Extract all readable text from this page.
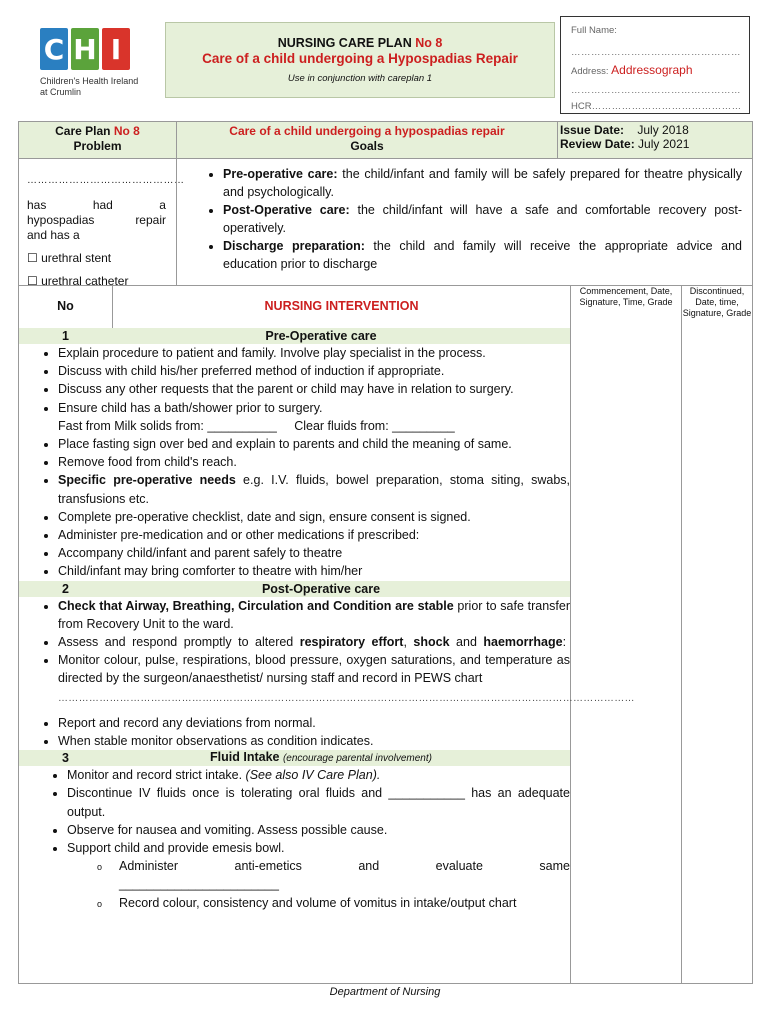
C H I
Children's Health Ireland
at Crumlin
NURSING CARE PLAN No 8
Care of a child undergoing a Hypospadias Repair
Use in conjunction with careplan 1
Full Name:
……………………………………………
Address: Addressograph
……………………………………………
HCR………………………………………
Care Plan No 8
Problem
Care of a child undergoing a hypospadias repair
Goals
Issue Date: July 2018
Review Date: July 2021
………………………………………
has	had	a
hypospadias	repair
and has a
☐ urethral stent
☐ urethral catheter
• Pre-operative care: the child/infant and family will be safely prepared for theatre physically and psychologically.
• Post-Operative care: the child/infant will have a safe and comfortable recovery post-operatively.
• Discharge preparation: the child and family will receive the appropriate advice and education prior to discharge
No	NURSING INTERVENTION
Commencement, Date, Signature, Time, Grade
Discontinued, Date, time, Signature, Grade
1	Pre-Operative care
• Explain procedure to patient and family. Involve play specialist in the process.
• Discuss with child his/her preferred method of induction if appropriate.
• Discuss any other requests that the parent or child may have in relation to surgery.
• Ensure child has a bath/shower prior to surgery.
Fast from Milk solids from: __________     Clear fluids from: _________
• Place fasting sign over bed and explain to parents and child the meaning of same.
• Remove food from child's reach.
• Specific pre-operative needs e.g. I.V. fluids, bowel preparation, stoma siting, swabs, transfusions etc.
• Complete pre-operative checklist, date and sign, ensure consent is signed.
• Administer pre-medication and or other medications if prescribed:
• Accompany child/infant and parent safely to theatre
• Child/infant may bring comforter to theatre with him/her
2	Post-Operative care
• Check that Airway, Breathing, Circulation and Condition are stable prior to safe transfer from Recovery Unit to the ward.
• Assess and respond promptly to altered respiratory effort, shock and haemorrhage:
• Monitor colour, pulse, respirations, blood pressure, oxygen saturations, and temperature as directed by the surgeon/anaesthetist/ nursing staff and record in PEWS chart
……………………………………………………………………………………………………………………………………………………
• Report and record any deviations from normal.
• When stable monitor observations as condition indicates.
3	Fluid Intake (encourage parental involvement)
• Monitor and record strict intake. (See also IV Care Plan).
• Discontinue IV fluids once is tolerating oral fluids and ___________ has an adequate output.
• Observe for nausea and vomiting. Assess possible cause.
• Support child and provide emesis bowl.
o Administer	anti-emetics	and	evaluate	same
_______________________
o Record colour, consistency and volume of vomitus in intake/output chart
Department of Nursing
